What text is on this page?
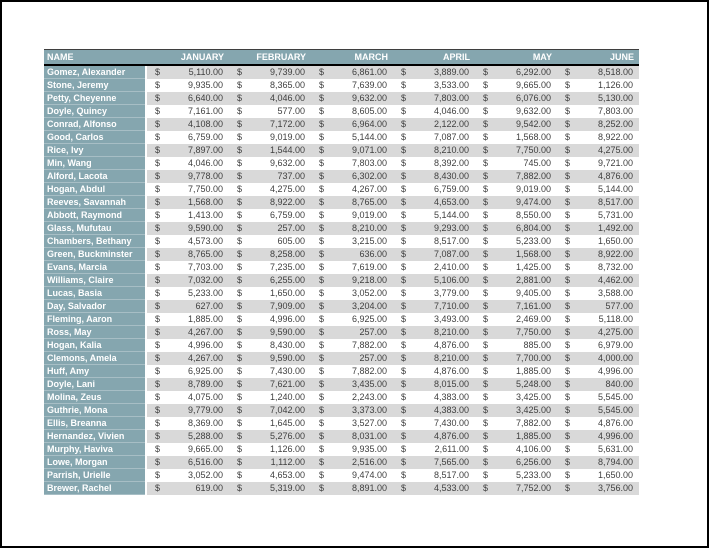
NAME	JANUARY	FEBRUARY	MARCH	APRIL	MAY	JUNE
Gomez, Alexander	$	5,110.00 $	9,739.00 $	6,861.00 $	3,889.00 $	6,292.00 $	8,518.00
Stone, Jeremy	$	9,935.00 $	8,365.00 $	7,639.00 $	3,533.00 $	9,665.00 $	1,126.00
Petty, Cheyenne	$	6,640.00 $	4,046.00 $	9,632.00 $	7,803.00 $	6,076.00 $	5,130.00
Doyle, Quincy	$	7,161.00 $	577.00 $	8,605.00 $	4,046.00 $	9,632.00 $	7,803.00
Conrad, Alfonso	$	4,108.00 $	7,172.00 $	6,964.00 $	2,122.00 $	9,542.00 $	8,252.00
Good, Carlos	$	6,759.00 $	9,019.00 $	5,144.00 $	7,087.00 $	1,568.00 $	8,922.00
Rice, Ivy	$	7,897.00 $	1,544.00 $	9,071.00 $	8,210.00 $	7,750.00 $	4,275.00
Min, Wang	$	4,046.00 $	9,632.00 $	7,803.00 $	8,392.00 $	745.00 $	9,721.00
Alford, Lacota	$	9,778.00 $	737.00 $	6,302.00 $	8,430.00 $	7,882.00 $	4,876.00
Hogan, Abdul	$	7,750.00 $	4,275.00 $	4,267.00 $	6,759.00 $	9,019.00 $	5,144.00
Reeves, Savannah	$	1,568.00 $	8,922.00 $	8,765.00 $	4,653.00 $	9,474.00 $	8,517.00
Abbott, Raymond	$	1,413.00 $	6,759.00 $	9,019.00 $	5,144.00 $	8,550.00 $	5,731.00
Glass, Mufutau	$	9,590.00 $	257.00 $	8,210.00 $	9,293.00 $	6,804.00 $	1,492.00
Chambers, Bethany	$	4,573.00 $	605.00 $	3,215.00 $	8,517.00 $	5,233.00 $	1,650.00
Green, Buckminster	$	8,765.00 $	8,258.00 $	636.00 $	7,087.00 $	1,568.00 $	8,922.00
Evans, Marcia	$	7,703.00 $	7,235.00 $	7,619.00 $	2,410.00 $	1,425.00 $	8,732.00
Williams, Claire	$	7,032.00 $	6,255.00 $	9,218.00 $	5,106.00 $	2,881.00 $	4,462.00
Lucas, Basia	$	5,233.00 $	1,650.00 $	3,052.00 $	3,779.00 $	9,405.00 $	3,588.00
Day, Salvador	$	627.00 $	7,909.00 $	3,204.00 $	7,710.00 $	7,161.00 $	577.00
Fleming, Aaron	$	1,885.00 $	4,996.00 $	6,925.00 $	3,493.00 $	2,469.00 $	5,118.00
Ross, May	$	4,267.00 $	9,590.00 $	257.00 $	8,210.00 $	7,750.00 $	4,275.00
Hogan, Kalia	$	4,996.00 $	8,430.00 $	7,882.00 $	4,876.00 $	885.00 $	6,979.00
Clemons, Amela	$	4,267.00 $	9,590.00 $	257.00 $	8,210.00 $	7,700.00 $	4,000.00
Huff, Amy	$	6,925.00 $	7,430.00 $	7,882.00 $	4,876.00 $	1,885.00 $	4,996.00
Doyle, Lani	$	8,789.00 $	7,621.00 $	3,435.00 $	8,015.00 $	5,248.00 $	840.00
Molina, Zeus	$	4,075.00 $	1,240.00 $	2,243.00 $	4,383.00 $	3,425.00 $	5,545.00
Guthrie, Mona	$	9,779.00 $	7,042.00 $	3,373.00 $	4,383.00 $	3,425.00 $	5,545.00
Ellis, Breanna	$	8,369.00 $	1,645.00 $	3,527.00 $	7,430.00 $	7,882.00 $	4,876.00
Hernandez, Vivien	$	5,288.00 $	5,276.00 $	8,031.00 $	4,876.00 $	1,885.00 $	4,996.00
Murphy, Haviva	$	9,665.00 $	1,126.00 $	9,935.00 $	2,611.00 $	4,106.00 $	5,631.00
Lowe, Morgan	$	6,516.00 $	1,112.00 $	2,516.00 $	7,565.00 $	6,256.00 $	8,794.00
Parrish, Urielle	$	3,052.00 $	4,653.00 $	9,474.00 $	8,517.00 $	5,233.00 $	1,650.00
Brewer, Rachel	$	619.00 $	5,319.00 $	8,891.00 $	4,533.00 $	7,752.00 $	3,756.00
